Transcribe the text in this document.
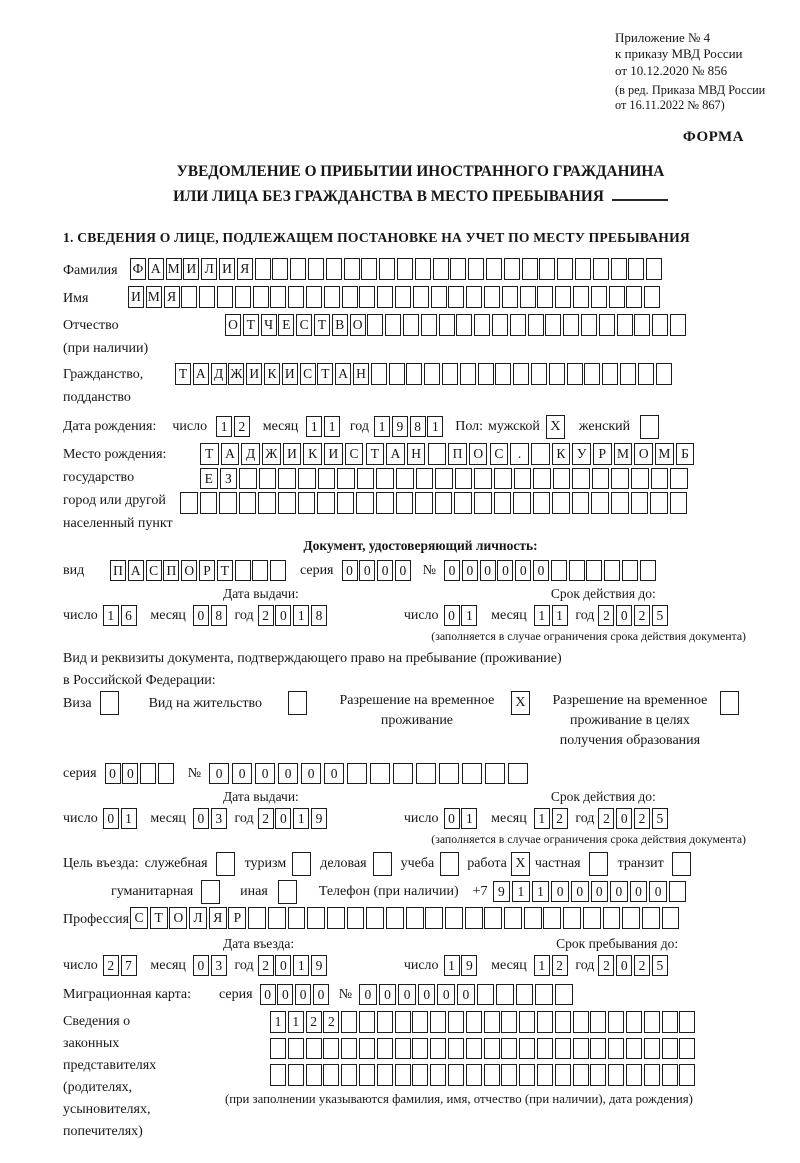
Приложение № 4
к приказу МВД России
от 10.12.2020 № 856
(в ред. Приказа МВД России
от 16.11.2022 № 867)
ФОРМА
УВЕДОМЛЕНИЕ О ПРИБЫТИИ ИНОСТРАННОГО ГРАЖДАНИНА
ИЛИ ЛИЦА БЕЗ ГРАЖДАНСТВА В МЕСТО ПРЕБЫВАНИЯ
1. СВЕДЕНИЯ О ЛИЦЕ, ПОДЛЕЖАЩЕМ ПОСТАНОВКЕ НА УЧЕТ ПО МЕСТУ ПРЕБЫВАНИЯ
Фамилия	Ф А М И Л И Я
Имя	И М Я
Отчество
(при наличии)
О Т Ч Е С Т В О
Гражданство,
подданство
Т А Д Ж И К И С Т А Н
Дата рождения: число	1 2	месяц 1 1	год 1 9 8 1	Пол: мужской X	женский
Место рождения:
государство
город или другой
населенный пункт
Т А Д Ж И К И С Т А Н	П О С	.	К У Р М О М Б
Е З
Документ, удостоверяющий личность:
вид	П А С П О Р Т	серия 0 0 0 0	№ 0 0 0 0 0 0
Дата выдачи:	Срок действия до:
число 1 6	месяц 0 8 год 2 0 1 8	число 0 1	месяц 1 1 год 2 0 2 5
(заполняется в случае ограничения срока действия документа)
Вид и реквизиты документа, подтверждающего право на пребывание (проживание)
в Российской Федерации:
Виза	Вид на жительство	Разрешение на временное
проживание
X	Разрешение на временное
проживание в целях
получения образования
серия 0 0	№	0	0	0	0	0	0
Дата выдачи:	Срок действия до:
число 0 1	месяц 0 3 год 2 0 1 9	число 0 1	месяц 1 2 год 2 0 2 5
(заполняется в случае ограничения срока действия документа)
Цель въезда: служебная	туризм деловая учеба работа X частная	транзит
гуманитарная	иная	Телефон (при наличии) +7 9 1 1 0 0 0 0 0 0
Профессия С Т О Л Я Р
Дата въезда:	Срок пребывания до:
число 2 7	месяц 0 3 год 2 0 1 9	число 1 9	месяц 1 2 год 2 0 2 5
Миграционная карта: серия 0 0 0 0	№ 0 0 0 0 0 0
Сведения о
законных
представителях
(родителях,
усыновителях,
попечителях)
1 1 2 2
(при заполнении указываются фамилия, имя, отчество (при наличии), дата рождения)
